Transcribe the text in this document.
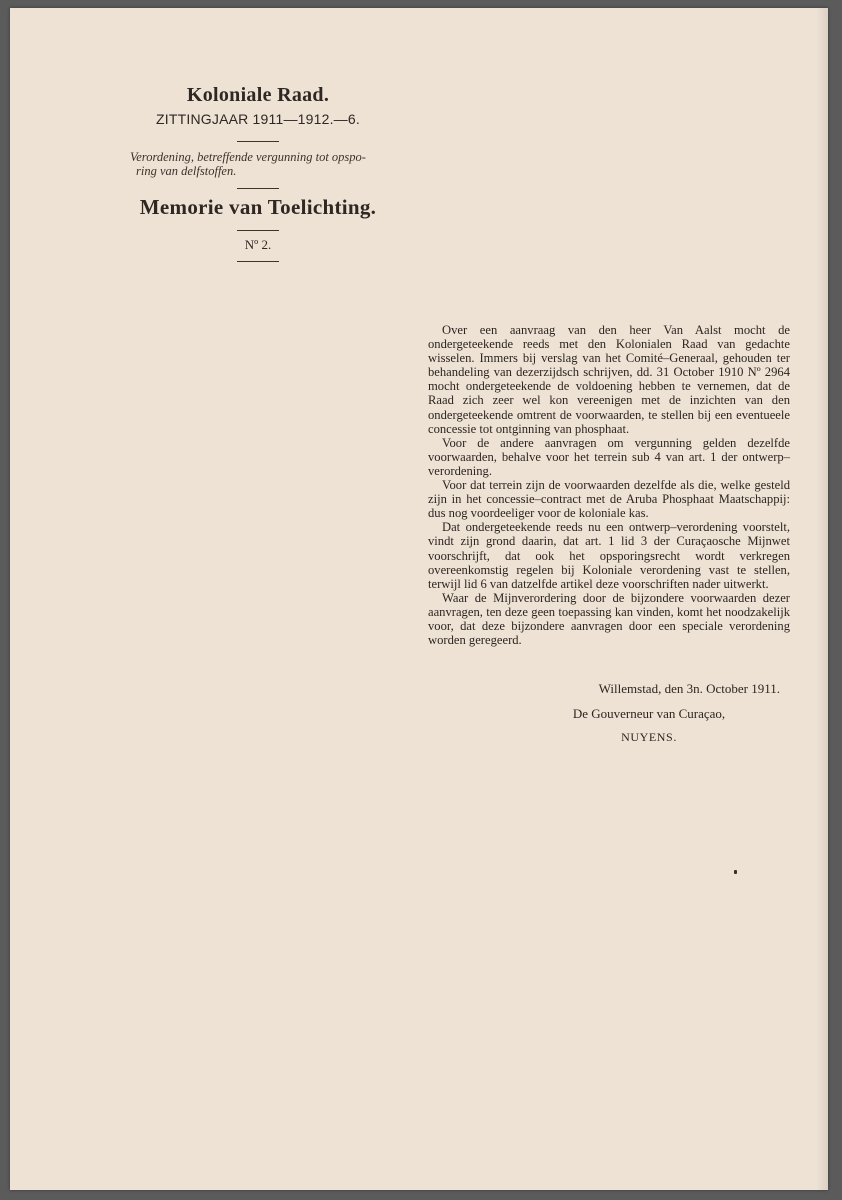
Koloniale Raad.
ZITTINGJAAR 1911—1912.—6.
Verordening, betreffende vergunning tot opspo-
ring van delfstoffen.
Memorie van Toelichting.
Nº 2.

Over een aanvraag van den heer Van Aalst mocht de ondergeteekende reeds met den Kolonialen Raad van gedachte wisselen. Immers bij verslag van het Comité–Generaal, gehouden ter behandeling van dezerzijdsch schrijven, dd. 31 October 1910 Nº 2964 mocht ondergeteekende de voldoening hebben te vernemen, dat de Raad zich zeer wel kon vereenigen met de inzichten van den ondergeteekende omtrent de voorwaarden, te stellen bij een eventueele concessie tot ontginning van phosphaat.

Voor de andere aanvragen om vergunning gelden dezelfde voorwaarden, behalve voor het terrein sub 4 van art. 1 der ontwerp–verordening.

Voor dat terrein zijn de voorwaarden dezelfde als die, welke gesteld zijn in het concessie–contract met de Aruba Phosphaat Maatschappij: dus nog voordeeliger voor de koloniale kas.

Dat ondergeteekende reeds nu een ontwerp–verordening voorstelt, vindt zijn grond daarin, dat art. 1 lid 3 der Curaçaosche Mijnwet voorschrijft, dat ook het opsporingsrecht wordt verkregen overeenkomstig regelen bij Koloniale verordening vast te stellen, terwijl lid 6 van datzelfde artikel deze voorschriften nader uitwerkt.

Waar de Mijnverordering door de bijzondere voorwaarden dezer aanvragen, ten deze geen toepassing kan vinden, komt het noodzakelijk voor, dat deze bijzondere aanvragen door een speciale verordening worden geregeerd.

Willemstad, den 3n. October 1911.
De Gouverneur van Curaçao,
NUYENS.
